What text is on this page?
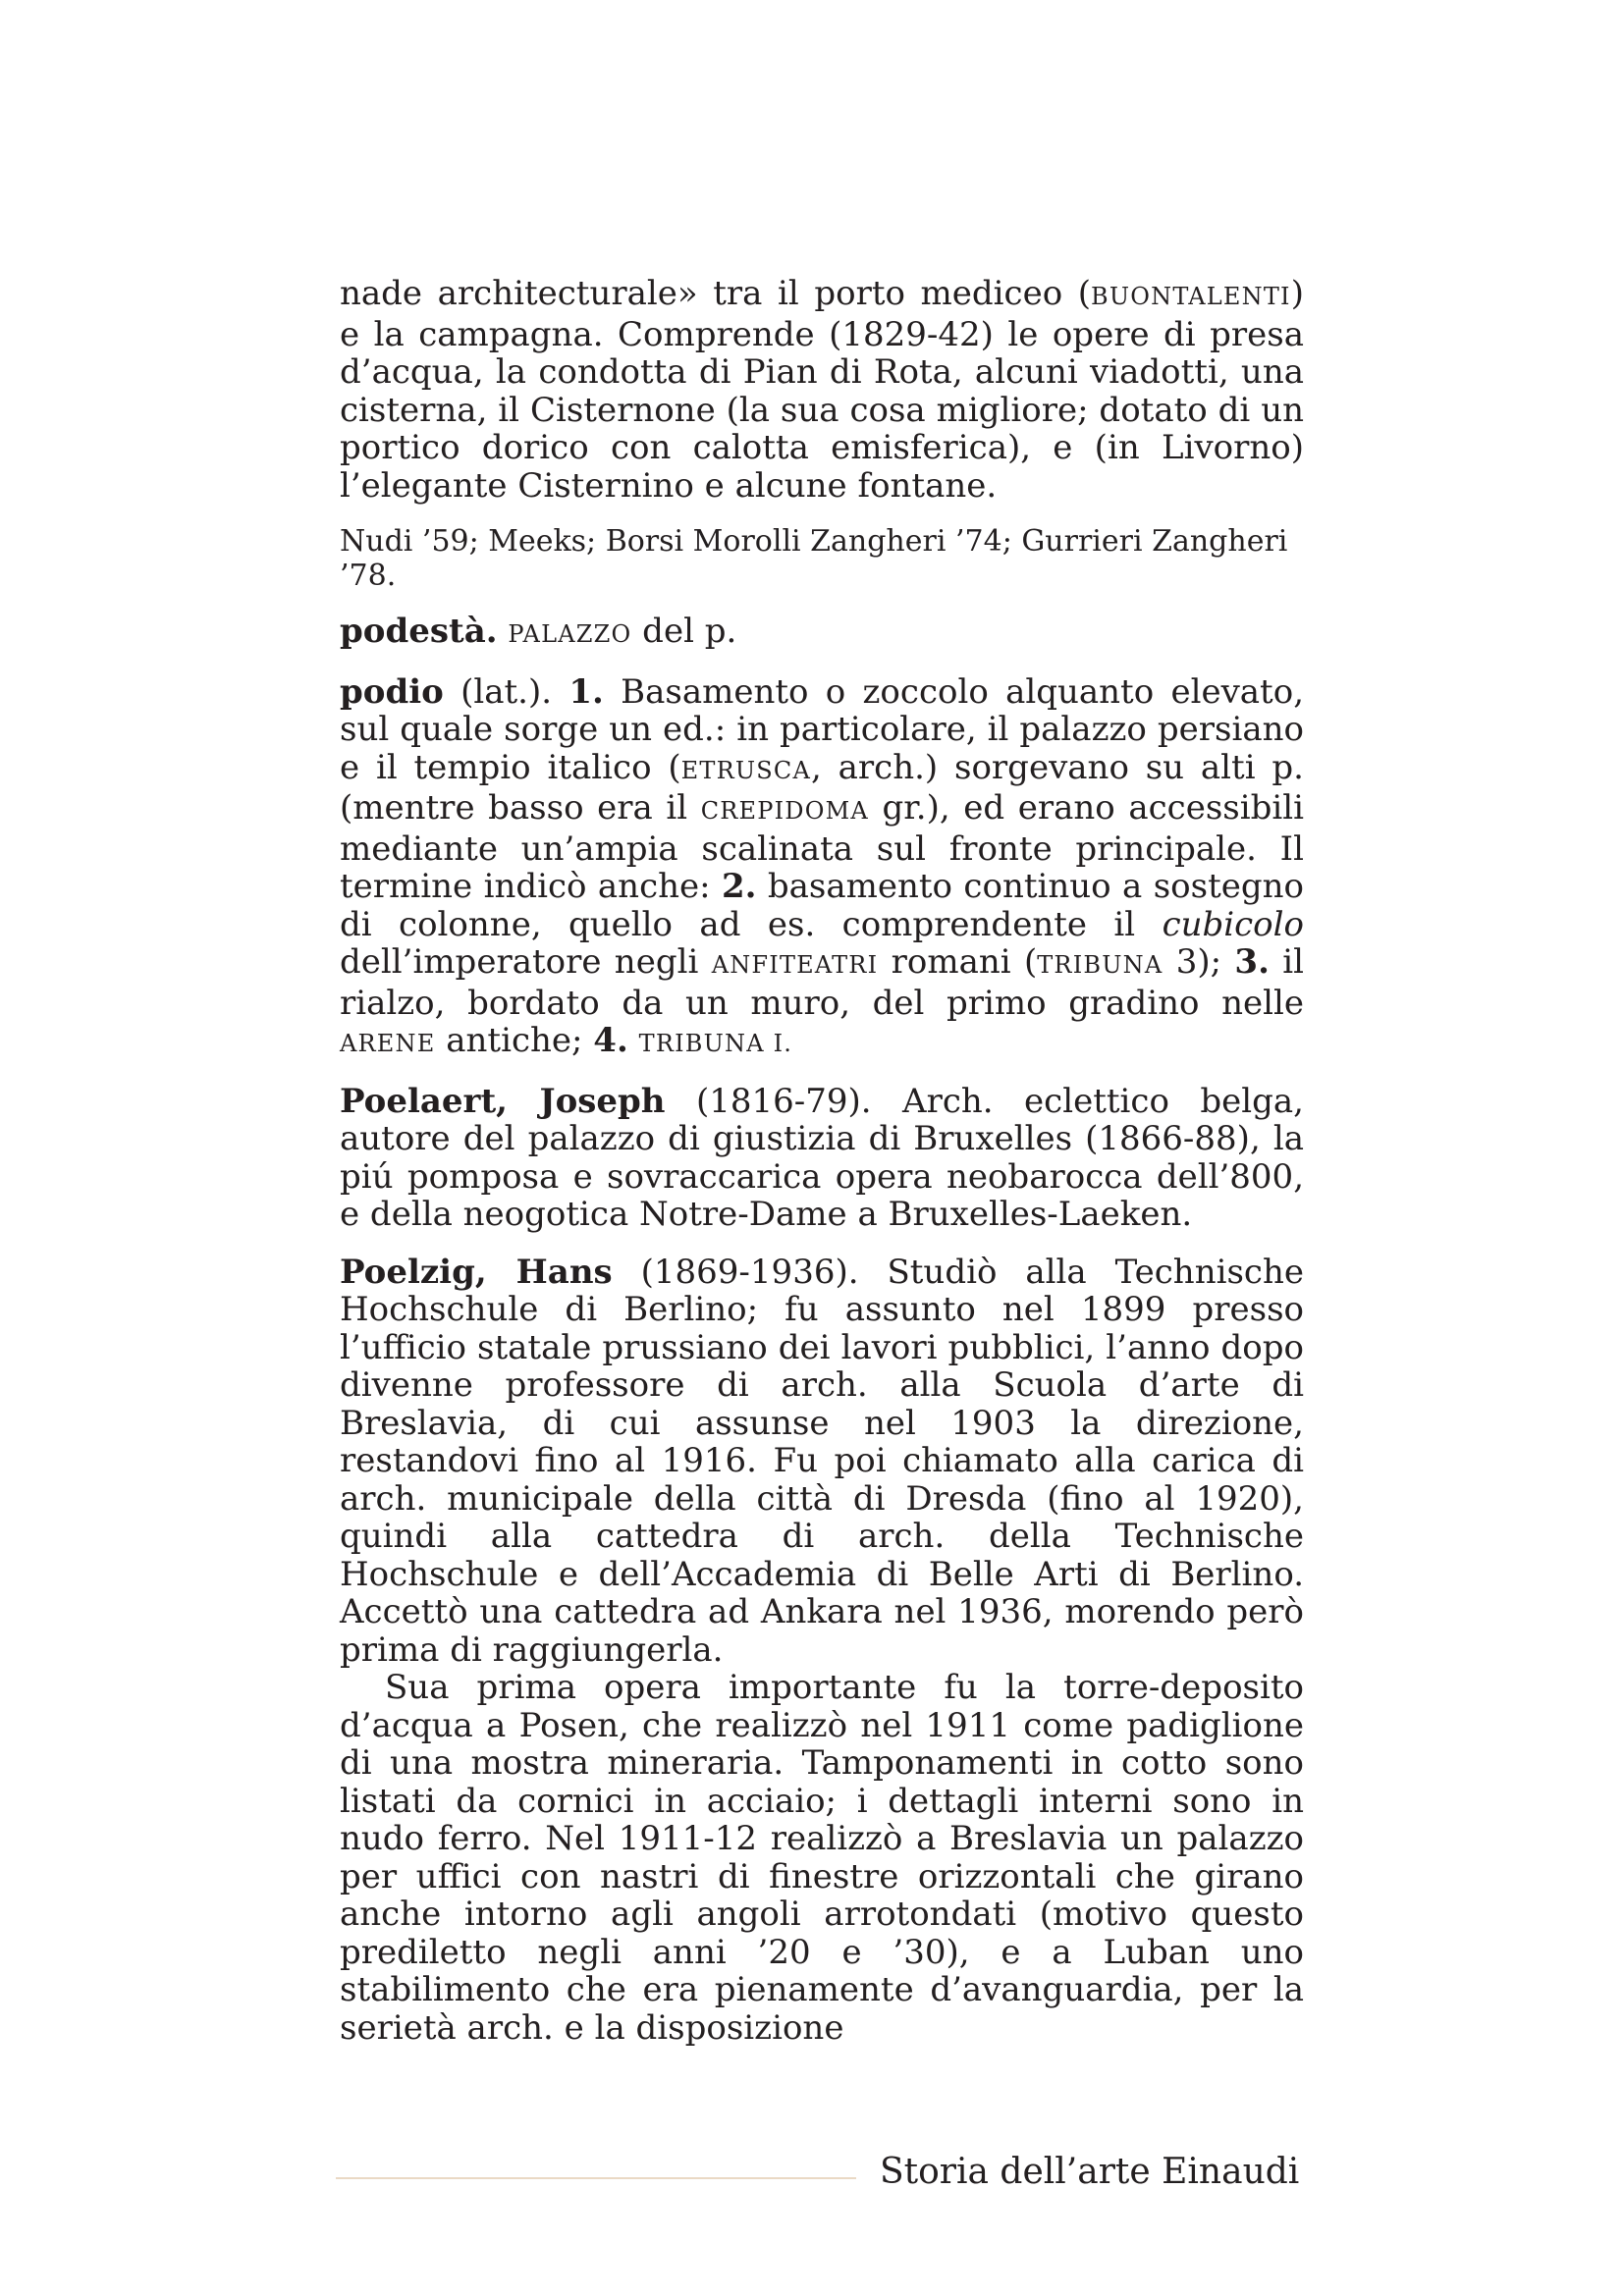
nade architecturale» tra il porto mediceo (BUONTALENTI) e la campagna. Comprende (1829-42) le opere di presa d’acqua, la condotta di Pian di Rota, alcuni viadotti, una cisterna, il Cisternone (la sua cosa migliore; dotato di un portico dorico con calotta emisferica), e (in Livorno) l’elegante Cisternino e alcune fontane.

Nudi ’59; Meeks; Borsi Morolli Zangheri ’74; Gurrieri Zangheri ’78.

podestà. PALAZZO del p.

podio (lat.). 1. Basamento o zoccolo alquanto elevato, sul quale sorge un ed.: in particolare, il palazzo persiano e il tempio italico (ETRUSCA, arch.) sorgevano su alti p. (mentre basso era il CREPIDOMA gr.), ed erano accessibili mediante un’ampia scalinata sul fronte principale. Il termine indicò anche: 2. basamento continuo a sostegno di colonne, quello ad es. comprendente il cubicolo dell’imperatore negli ANFITEATRI romani (TRIBUNA 3); 3. il rialzo, bordato da un muro, del primo gradino nelle ARENE antiche; 4. TRIBUNA I.

Poelaert, Joseph (1816-79). Arch. eclettico belga, autore del palazzo di giustizia di Bruxelles (1866-88), la piú pomposa e sovraccarica opera neobarocca dell’800, e della neogotica Notre-Dame a Bruxelles-Laeken.

Poelzig, Hans (1869-1936). Studiò alla Technische Hochschule di Berlino; fu assunto nel 1899 presso l’ufficio statale prussiano dei lavori pubblici, l’anno dopo divenne professore di arch. alla Scuola d’arte di Breslavia, di cui assunse nel 1903 la direzione, restandovi fino al 1916. Fu poi chiamato alla carica di arch. municipale della città di Dresda (fino al 1920), quindi alla cattedra di arch. della Technische Hochschule e dell’Accademia di Belle Arti di Berlino. Accettò una cattedra ad Ankara nel 1936, morendo però prima di raggiungerla.

Sua prima opera importante fu la torre-deposito d’acqua a Posen, che realizzò nel 1911 come padiglione di una mostra mineraria. Tamponamenti in cotto sono listati da cornici in acciaio; i dettagli interni sono in nudo ferro. Nel 1911-12 realizzò a Breslavia un palazzo per uffici con nastri di finestre orizzontali che girano anche intorno agli angoli arrotondati (motivo questo prediletto negli anni ’20 e ’30), e a Luban uno stabilimento che era pienamente d’avanguardia, per la serietà arch. e la disposizione

Storia dell’arte Einaudi
